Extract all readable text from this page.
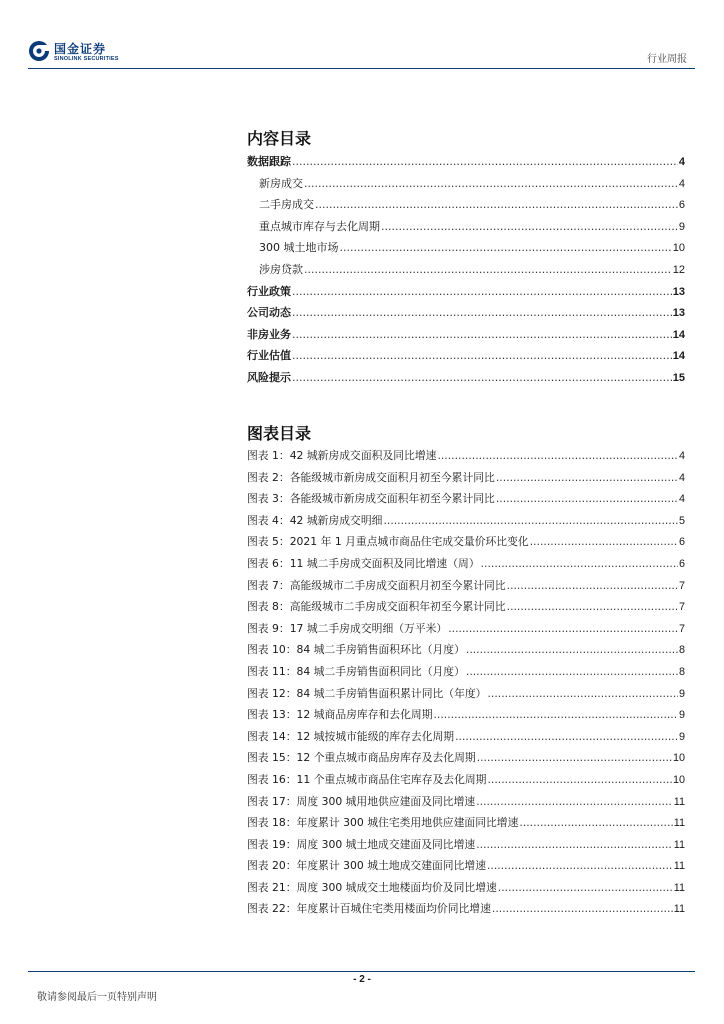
国金证券
SINOLINK SECURITIES	行业周报
内容目录
数据跟踪 .....	4
新房成交 .....	4
二手房成交 .....	6
重点城市库存与去化周期 .....	9
300 城土地市场 .....	10
涉房贷款 .....	12
行业政策 .....	13
公司动态 .....	13
非房业务 .....	14
行业估值 .....	14
风险提示 .....	15
图表目录
图表 1：42 城新房成交面积及同比增速 .....	4
图表 2：各能级城市新房成交面积月初至今累计同比 .....	4
图表 3：各能级城市新房成交面积年初至今累计同比 .....	4
图表 4：42 城新房成交明细 .....	5
图表 5：2021 年 1 月重点城市商品住宅成交量价环比变化 .....	6
图表 6：11 城二手房成交面积及同比增速（周） .....	6
图表 7：高能级城市二手房成交面积月初至今累计同比 .....	7
图表 8：高能级城市二手房成交面积年初至今累计同比 .....	7
图表 9：17 城二手房成交明细（万平米） .....	7
图表 10：84 城二手房销售面积环比（月度） .....	8
图表 11：84 城二手房销售面积同比（月度） .....	8
图表 12：84 城二手房销售面积累计同比（年度） .....	9
图表 13：12 城商品房库存和去化周期 .....	9
图表 14：12 城按城市能级的库存去化周期 .....	9
图表 15：12 个重点城市商品房库存及去化周期 .....	10
图表 16：11 个重点城市商品住宅库存及去化周期 .....	10
图表 17：周度 300 城用地供应建面及同比增速 .....	11
图表 18：年度累计 300 城住宅类用地供应建面同比增速 .....	11
图表 19：周度 300 城土地成交建面及同比增速 .....	11
图表 20：年度累计 300 城土地成交建面同比增速 .....	11
图表 21：周度 300 城成交土地楼面均价及同比增速 .....	11
图表 22：年度累计百城住宅类用楼面均价同比增速 .....	11
- 2 -
敬请参阅最后一页特别声明
